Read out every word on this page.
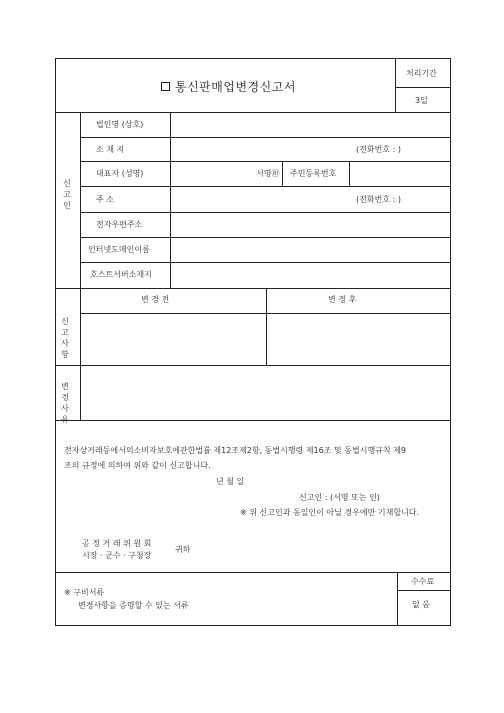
통신판매업변경신고서
처리기간
3일
신
고
인
법인명 (상호)
소 재 지	(전화번호 : )
대표자 (성명)	서명㊞ 주민등록번호
주 소	(전화번호 : )
전자우편주소
인터넷도메인이름
호스트서버소재지
신고
사항
변 경 전	변 경 후
변경
사유
전자상거래등에서의소비자보호에관한법률 제12조제2항, 동법시행령 제16조 및 동법시행규칙 제9
조의 규정에 의하여 위와 같이 신고합니다.
년 월 일
신고인 : (서명 또는 인)
※ 위 신고인과 동일인이 아닐 경우에만 기재합니다.
공 정 거 래 위 원 회
시장 · 군수 · 구청장
귀하
※ 구비서류
변경사항을 증명할 수 있는 서류
수수료
없 음
